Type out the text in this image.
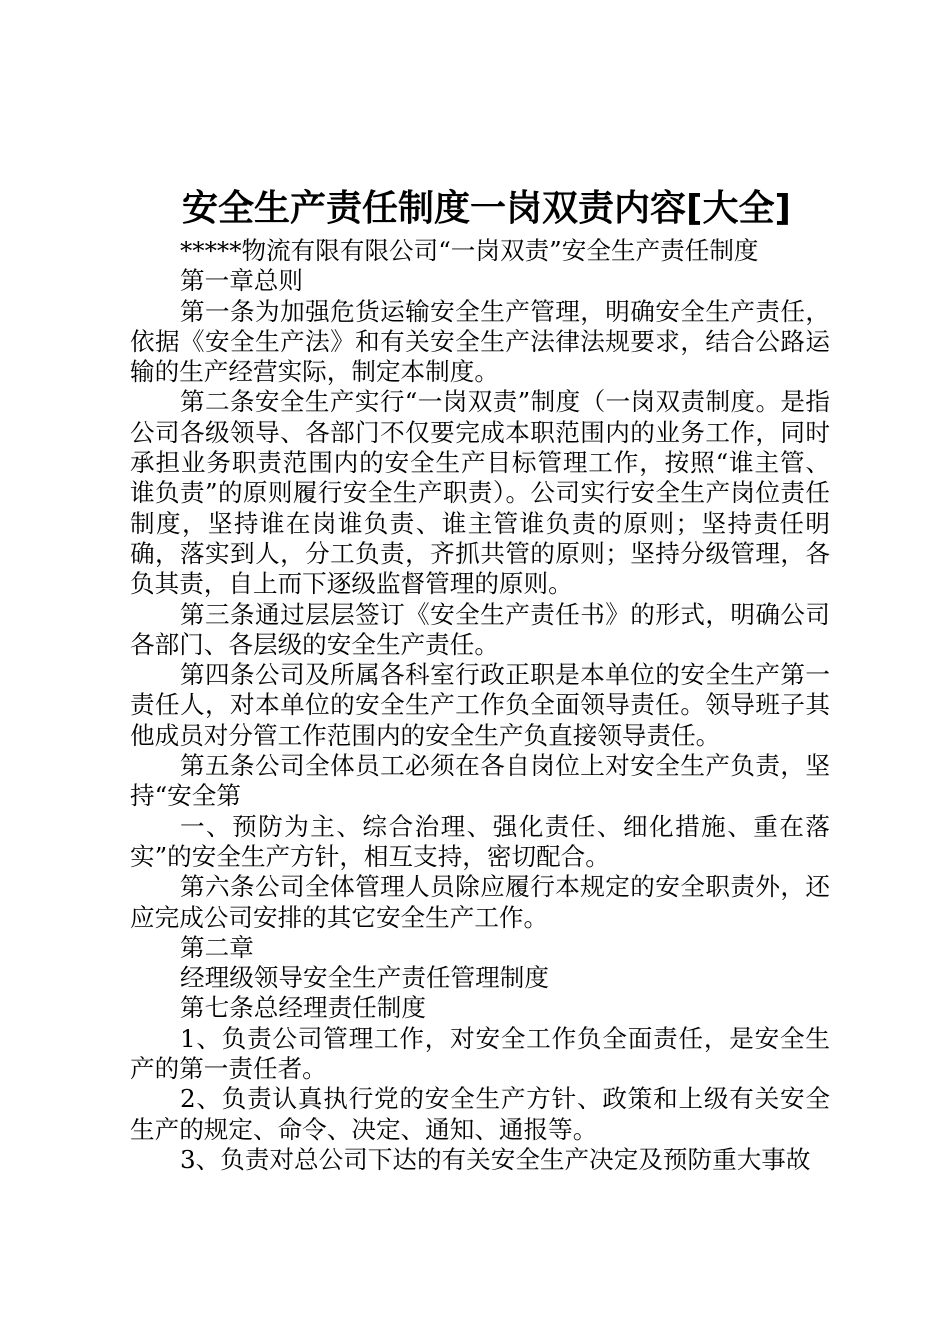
安全生产责任制度一岗双责内容[大全]

*****物流有限有限公司“一岗双责”安全生产责任制度

第一章总则

第一条为加强危货运输安全生产管理，明确安全生产责任，依据《安全生产法》和有关安全生产法律法规要求，结合公路运输的生产经营实际，制定本制度。

第二条安全生产实行“一岗双责”制度（一岗双责制度。是指公司各级领导、各部门不仅要完成本职范围内的业务工作，同时承担业务职责范围内的安全生产目标管理工作，按照“谁主管、谁负责”的原则履行安全生产职责）。公司实行安全生产岗位责任制度，坚持谁在岗谁负责、谁主管谁负责的原则；坚持责任明确，落实到人，分工负责，齐抓共管的原则；坚持分级管理，各负其责，自上而下逐级监督管理的原则。

第三条通过层层签订《安全生产责任书》的形式，明确公司各部门、各层级的安全生产责任。

第四条公司及所属各科室行政正职是本单位的安全生产第一责任人，对本单位的安全生产工作负全面领导责任。领导班子其他成员对分管工作范围内的安全生产负直接领导责任。

第五条公司全体员工必须在各自岗位上对安全生产负责，坚持“安全第

一、预防为主、综合治理、强化责任、细化措施、重在落实”的安全生产方针，相互支持，密切配合。

第六条公司全体管理人员除应履行本规定的安全职责外，还应完成公司安排的其它安全生产工作。

第二章

经理级领导安全生产责任管理制度

第七条总经理责任制度

1、负责公司管理工作，对安全工作负全面责任，是安全生产的第一责任者。

2、负责认真执行党的安全生产方针、政策和上级有关安全生产的规定、命令、决定、通知、通报等。

3、负责对总公司下达的有关安全生产决定及预防重大事故
